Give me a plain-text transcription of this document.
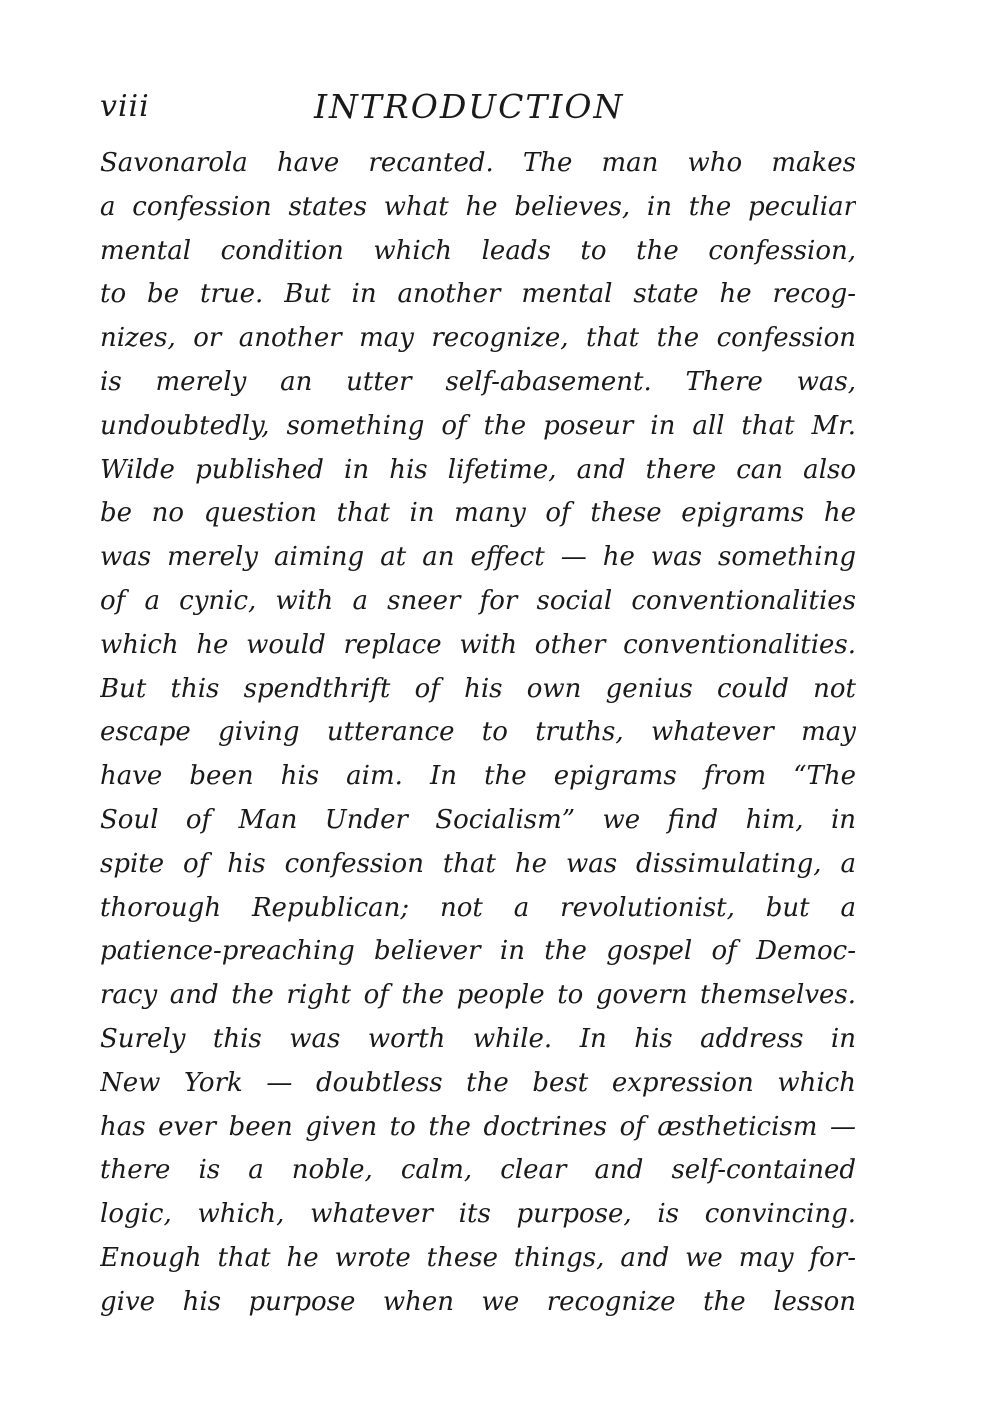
viii	INTRODUCTION
Savonarola have recanted. The man who makes
a confession states what he believes, in the peculiar
mental condition which leads to the confession,
to be true. But in another mental state he recog-
nizes, or another may recognize, that the confession
is merely an utter self-abasement. There was,
undoubtedly, something of the poseur in all that Mr.
Wilde published in his lifetime, and there can also
be no question that in many of these epigrams he
was merely aiming at an effect — he was something
of a cynic, with a sneer for social conventionalities
which he would replace with other conventionalities.
But this spendthrift of his own genius could not
escape giving utterance to truths, whatever may
have been his aim. In the epigrams from “The
Soul of Man Under Socialism” we find him, in
spite of his confession that he was dissimulating, a
thorough Republican; not a revolutionist, but a
patience-preaching believer in the gospel of Democ-
racy and the right of the people to govern themselves.
Surely this was worth while. In his address in
New York — doubtless the best expression which
has ever been given to the doctrines of æstheticism —
there is a noble, calm, clear and self-contained
logic, which, whatever its purpose, is convincing.
Enough that he wrote these things, and we may for-
give his purpose when we recognize the lesson
